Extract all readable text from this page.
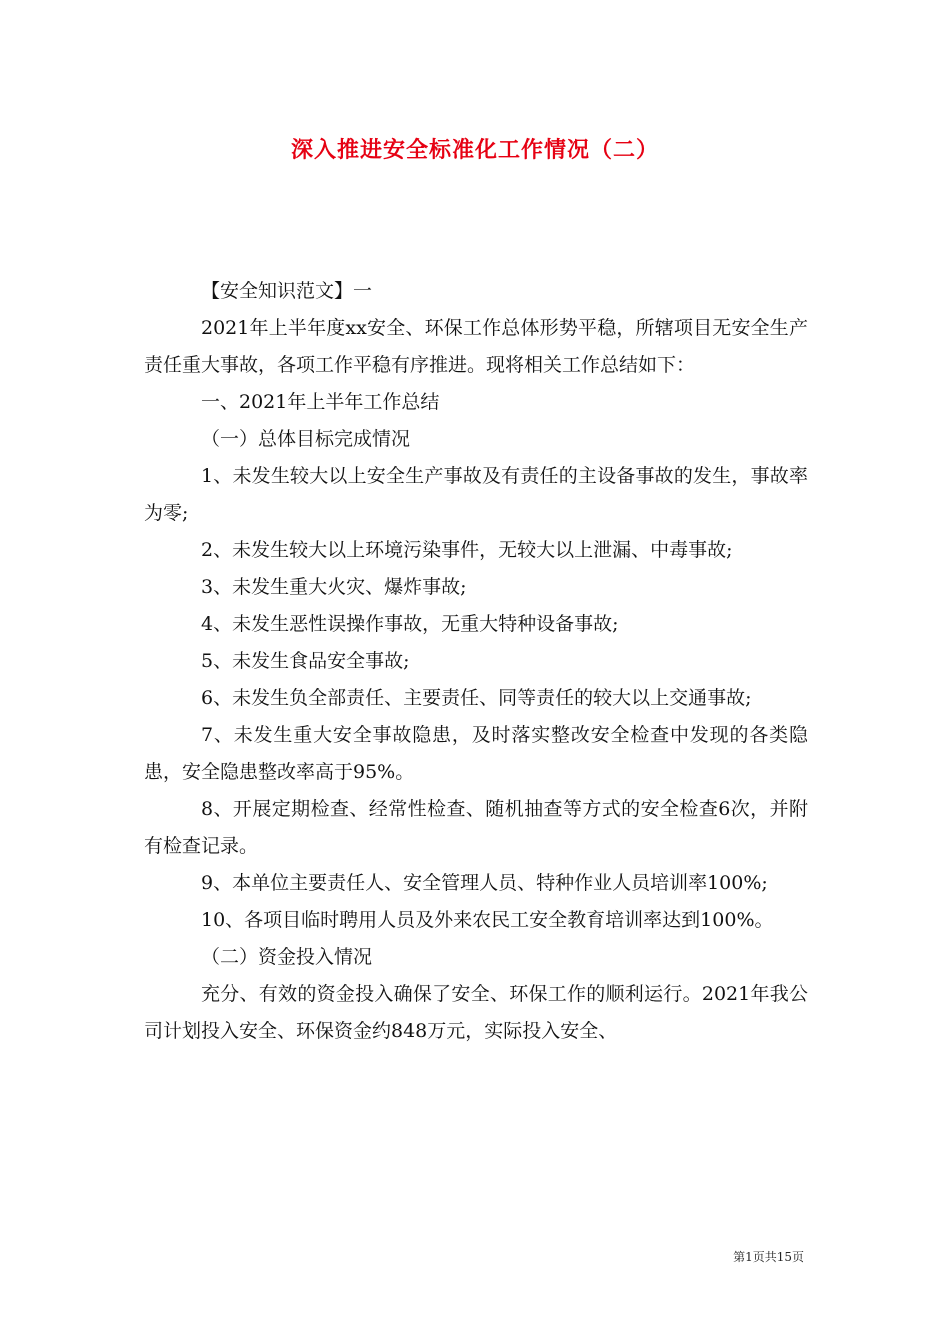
深入推进安全标准化工作情况（二）

【安全知识范文】一

2021年上半年度xx安全、环保工作总体形势平稳，所辖项目无安全生产责任重大事故，各项工作平稳有序推进。现将相关工作总结如下：

一、2021年上半年工作总结

（一）总体目标完成情况

1、未发生较大以上安全生产事故及有责任的主设备事故的发生，事故率为零;

2、未发生较大以上环境污染事件，无较大以上泄漏、中毒事故;

3、未发生重大火灾、爆炸事故;

4、未发生恶性误操作事故，无重大特种设备事故;

5、未发生食品安全事故;

6、未发生负全部责任、主要责任、同等责任的较大以上交通事故;

7、未发生重大安全事故隐患，及时落实整改安全检查中发现的各类隐患，安全隐患整改率高于95%。

8、开展定期检查、经常性检查、随机抽查等方式的安全检查6次，并附有检查记录。

9、本单位主要责任人、安全管理人员、特种作业人员培训率100%;

10、各项目临时聘用人员及外来农民工安全教育培训率达到100%。

（二）资金投入情况

充分、有效的资金投入确保了安全、环保工作的顺利运行。2021年我公司计划投入安全、环保资金约848万元，实际投入安全、

第1页共15页
